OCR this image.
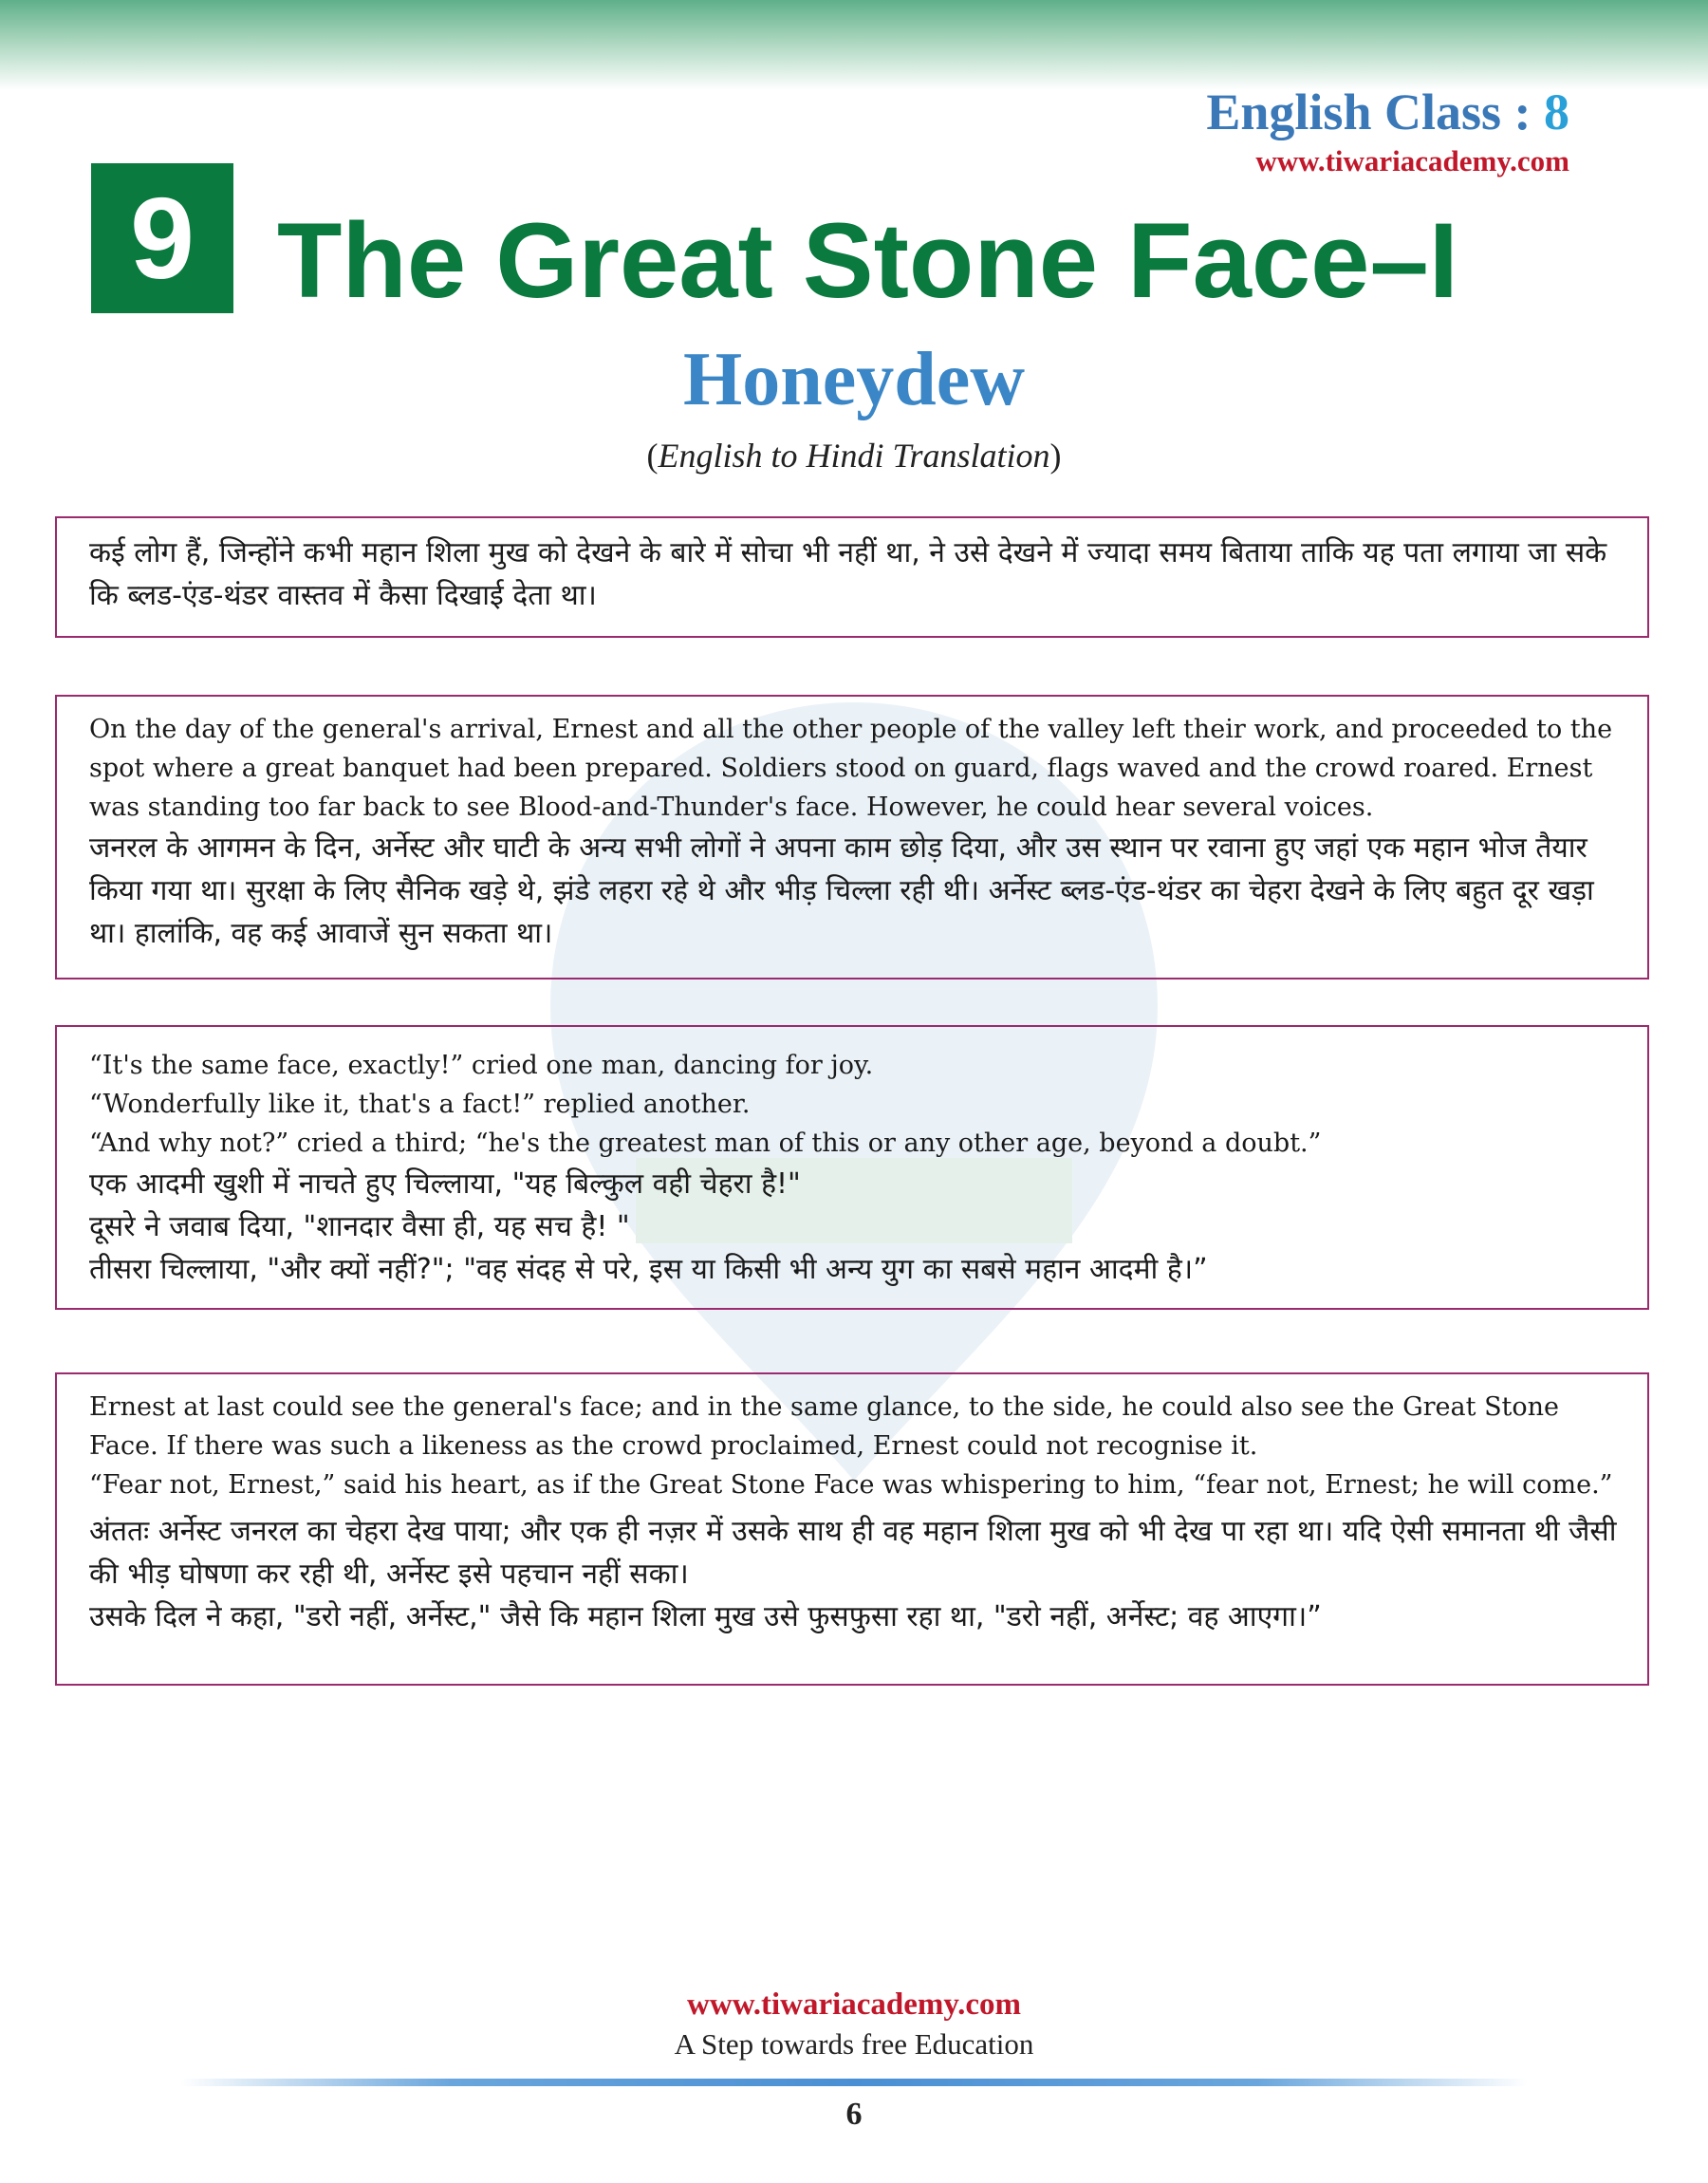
English Class : 8
www.tiwariacademy.com
9 The Great Stone Face–I
Honeydew
(English to Hindi Translation)

कई लोग हैं, जिन्होंने कभी महान शिला मुख को देखने के बारे में सोचा भी नहीं था, ने उसे देखने में ज्यादा समय बिताया ताकि यह पता लगाया जा सके कि ब्लड-एंड-थंडर वास्तव में कैसा दिखाई देता था।

On the day of the general's arrival, Ernest and all the other people of the valley left their work, and proceeded to the spot where a great banquet had been prepared. Soldiers stood on guard, flags waved and the crowd roared. Ernest was standing too far back to see Blood-and-Thunder's face. However, he could hear several voices.

जनरल के आगमन के दिन, अर्नेस्ट और घाटी के अन्य सभी लोगों ने अपना काम छोड़ दिया, और उस स्थान पर रवाना हुए जहां एक महान भोज तैयार किया गया था। सुरक्षा के लिए सैनिक खड़े थे, झंडे लहरा रहे थे और भीड़ चिल्ला रही थी। अर्नेस्ट ब्लड-एंड-थंडर का चेहरा देखने के लिए बहुत दूर खड़ा था। हालांकि, वह कई आवाजें सुन सकता था।

“It's the same face, exactly!” cried one man, dancing for joy.

“Wonderfully like it, that's a fact!” replied another.

“And why not?” cried a third; “he's the greatest man of this or any other age, beyond a doubt.”

एक आदमी खुशी में नाचते हुए चिल्लाया, "यह बिल्कुल वही चेहरा है!"

दूसरे ने जवाब दिया, "शानदार वैसा ही, यह सच है! "

तीसरा चिल्लाया, "और क्यों नहीं?"; "वह संदह से परे, इस या किसी भी अन्य युग का सबसे महान आदमी है।”

Ernest at last could see the general's face; and in the same glance, to the side, he could also see the Great Stone Face. If there was such a likeness as the crowd proclaimed, Ernest could not recognise it.

“Fear not, Ernest,” said his heart, as if the Great Stone Face was whispering to him, “fear not, Ernest; he will come.”

अंततः अर्नेस्ट जनरल का चेहरा देख पाया; और एक ही नज़र में उसके साथ ही वह महान शिला मुख को भी देख पा रहा था। यदि ऐसी समानता थी जैसी की भीड़ घोषणा कर रही थी, अर्नेस्ट इसे पहचान नहीं सका।

उसके दिल ने कहा, "डरो नहीं, अर्नेस्ट," जैसे कि महान शिला मुख उसे फुसफुसा रहा था, "डरो नहीं, अर्नेस्ट; वह आएगा।”

www.tiwariacademy.com
A Step towards free Education
6
